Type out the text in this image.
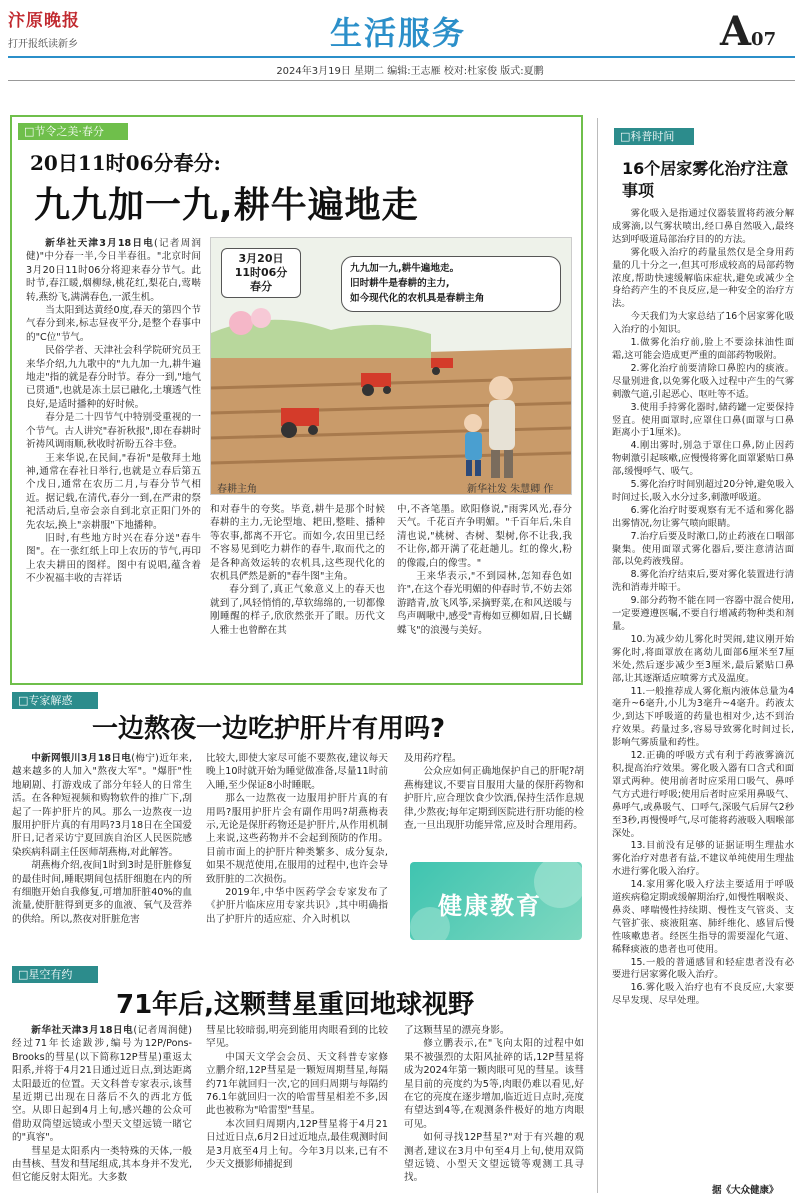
汴原晚报
打开报纸读新乡	生活服务	A07
2024年3月19日 星期二 编辑:王志雁 校对:杜家俊 版式:夏鹏
□节令之美·春分
20日11时06分春分:
九九加一九,耕牛遍地走

新华社天津3月18日电(记者周润健)"中分春一半,今日半春徂。"北京时间3月20日11时06分将迎来春分节气。此时节,春江暖,烟柳绿,桃花红,梨花白,莺啭转,燕纷飞,满满春色,一派生机。

当太阳到达黄经0度,春天的第四个节气春分到来,标志昼夜平分,是整个春事中的"C位"节气。

民俗学者、天津社会科学院研究员王来华介绍,九九歌中的"九九加一九,耕牛遍地走"指的就是春分时节。春分一到,"地气已贯通",也就是冻土层已融化,土壤透气性良好,是适时播种的好时候。

春分是二十四节气中特别受重视的一个节气。古人讲究"春祈秋报",即在春耕时祈祷风调雨顺,秋收时祈盼五谷丰登。

王来华说,在民间,"春祈"是敬拜土地神,通常在春社日举行,也就是立春后第五个戊日,通常在农历二月,与春分节气相近。据记载,在清代,春分一到,在严肃的祭祀活动后,皇帝会亲自到北京正阳门外的先农坛,换上"亲耕服"下地播种。

旧时,有些地方时兴在春分送"春牛图"。在一张红纸上印上农历的节气,再印上农夫耕田的图样。图中有说唱,蕴含着不少祝福丰收的吉祥话

3月20日
11时06分
春分
九九加一九,耕牛遍地走。
旧时耕牛是春耕的主力,
如今现代化的农机具是春耕主角
春耕主角	新华社发 朱慧卿 作

和对春牛的夸奖。毕竟,耕牛是那个时候春耕的主力,无论型地、耙田,整畦、播种等农事,都离不开它。而如今,农田里已经不容易见到吃力耕作的春牛,取而代之的是各种高效运转的农机具,这些现代化的农机具俨然是新的"春牛图"主角。

春分到了,真正气象意义上的春天也就到了,风轻悄悄的,草软绵绵的,一切都像刚睡醒的样子,欣欣然张开了眼。历代文人雅士也曾醉在其

中,不吝笔墨。欧阳修说,"雨霁风光,春分天气。千花百卉争明媚。"千百年后,朱自清也说,"桃树、杏树、梨树,你不让我,我不让你,都开满了花赶趟儿。红的像火,粉的像霞,白的像雪。"

王来华表示,"不到园林,怎知春色如许",在这个春光明媚的仲春时节,不妨去郊游踏青,放飞风筝,采摘野菜,在和风送暖与鸟声啁啾中,感受"青梅如豆柳如眉,日长蝴蝶飞"的浪漫与美好。

□专家解惑
一边熬夜一边吃护肝片有用吗?

中新网银川3月18日电(梅宁)近年来,越来越多的人加入"熬夜大军"。"爆肝"性地刷剧、打游戏成了部分年轻人的日常生活。在各种短视频和购物软件的推广下,刮起了一阵护肝片的风。那么一边熬夜一边服用护肝片真的有用吗?3月18日在全国爱肝日,记者采访宁夏回族自治区人民医院感染疾病科副主任医师胡燕梅,对此解答。

胡燕梅介绍,夜间1时到3时是肝脏修复的最佳时间,睡眠期间包括肝细胞在内的所有细胞开始自我修复,可增加肝脏40%的血流量,使肝脏得到更多的血液、氧气及营养的供给。所以,熬夜对肝脏危害

比较大,即使大家尽可能不要熬夜,建议每天晚上10时就开始为睡觉做准备,尽量11时前入睡,至少保证8小时睡眠。

那么一边熬夜一边服用护肝片真的有用吗?服用护肝片会有副作用吗?胡燕梅表示,无论是保肝药物还是护肝片,从作用机制上来说,这些药物并不会起到预防的作用。目前市面上的护肝片种类繁多、成分复杂,如果不规范使用,在服用的过程中,也许会导致肝脏的二次损伤。

2019年,中华中医药学会专家发布了《护肝片临床应用专家共识》,其中明确指出了护肝片的适应症、介入时机以

及用药疗程。

公众应如何正确地保护自己的肝呢?胡燕梅建议,不要盲目服用大量的保肝药物和护肝片,应合理饮食少饮酒,保持生活作息规律,少熬夜;每年定期到医院进行肝功能的检查,一旦出现肝功能异常,应及时合理用药。

健康教育
□星空有约
71年后,这颗彗星重回地球视野

新华社天津3月18日电(记者周润健)经过71年长途跋涉,编号为12P/Pons-Brooks的彗星(以下简称12P彗星)重返太阳系,并将于4月21日通过近日点,到达距离太阳最近的位置。天文科普专家表示,该彗星近期已出现在日落后不久的西北方低空。从即日起到4月上旬,感兴趣的公众可借助双筒望远镜或小型天文望远镜一睹它的"真容"。

彗星是太阳系内一类特殊的天体,一般由彗核、彗发和彗尾组成,其本身并不发光,但它能反射太阳光。大多数

彗星比较暗弱,明亮到能用肉眼看到的比较罕见。

中国天文学会会员、天文科普专家修立鹏介绍,12P彗星是一颗短周期彗星,每隔约71年就回归一次,它的回归周期与每隔约76.1年就回归一次的哈雷彗星相差不多,因此也被称为"哈雷型"彗星。

本次回归周期内,12P彗星将于4月21日过近日点,6月2日过近地点,最佳观测时间是3月底至4月上旬。今年3月以来,已有不少天文摄影师捕捉到

了这颗彗星的漂亮身影。

修立鹏表示,在"飞向太阳的过程中如果不被强烈的太阳风扯碎的话,12P彗星将成为2024年第一颗肉眼可见的彗星。该彗星目前的亮度约为5等,肉眼仍难以看见,好在它的亮度在逐步增加,临近近日点时,亮度有望达到4等,在观测条件极好的地方肉眼可见。

如何寻找12P彗星?"对于有兴趣的观测者,建议在3月中旬至4月上旬,使用双筒望远镜、小型天文望远镜等观测工具寻找。

□科普时间
16个居家雾化治疗注意事项

雾化吸入是指通过仪器装置将药液分解成雾滴,以气雾状喷出,经口鼻自然吸入,最终达到呼吸道局部治疗目的的方法。

雾化吸入治疗的药量虽然仅是全身用药量的几十分之一,但其可形成较高的局部药物浓度,帮助快速缓解临床症状,避免或减少全身给药产生的不良反应,是一种安全的治疗方法。

今天我们为大家总结了16个居家雾化吸入治疗的小知识。

1.做雾化治疗前,脸上不要涂抹油性面霜,这可能会造成更严重的面部药物吸附。

2.雾化治疗前要清除口鼻腔内的痰液。尽量别进食,以免雾化吸入过程中产生的气雾刺激气道,引起恶心、呕吐等不适。

3.使用手持雾化器时,储药罐一定要保持竖直。使用面罩时,应罩住口鼻(面罩与口鼻距离小于1厘米)。

4.刚出雾时,别急于罩住口鼻,防止因药物刺激引起咳嗽,应慢慢将雾化面罩紧贴口鼻部,缓慢呼气、吸气。

5.雾化治疗时间别超过20分钟,避免吸入时间过长,吸入水分过多,刺激呼吸道。

6.雾化治疗时要观察有无不适和雾化器出雾情况,勿让雾气喷向眼睛。

7.治疗后要及时漱口,防止药液在口咽部聚集。使用面罩式雾化器后,要注意清洁面部,以免药液残留。

8.雾化治疗结束后,要对雾化装置进行清洗和消毒并晾干。

9.部分药物不能在同一容器中混合使用,一定要遵遵医嘱,不要自行增减药物种类和剂量。

10.为减少幼儿雾化时哭闹,建议刚开始雾化时,将面罩放在离幼儿面部6厘米至7厘米处,然后逐步减少至3厘米,最后紧贴口鼻部,让其逐渐适应喷雾方式及温度。

11.一般推荐成人雾化瓶内液体总量为4毫升~6毫升,小儿为3毫升~4毫升。药液太少,到达下呼吸道的药量也相对少,达不到治疗效果。药量过多,容易导致雾化时间过长,影响气雾质量和药性。

12.正确的呼吸方式有利于药液雾滴沉积,提高治疗效果。雾化吸入器有口含式和面罩式两种。使用前者时应采用口吸气、鼻呼气方式进行呼吸;使用后者时应采用鼻吸气、鼻呼气,或鼻吸气、口呼气,深吸气后屏气2秒至3秒,再慢慢呼气,尽可能将药液吸入咽喉部深处。

13.目前没有足够的证据证明生理盐水雾化治疗对患者有益,不建议单纯使用生理盐水进行雾化吸入治疗。

14.家用雾化吸入疗法主要适用于呼吸道疾病稳定期或缓解期治疗,如慢性咽喉炎、鼻炎、哮喘慢性持续期、慢性支气管炎、支气管扩张、痰液阻塞、肺纤维化、感冒后慢性咳嗽患者。经医生指导的需要湿化气道、稀释痰液的患者也可使用。

15.一般的普通感冒和轻症患者没有必要进行居家雾化吸入治疗。

16.雾化吸入治疗也有不良反应,大家要尽早发现、尽早处理。

据《大众健康》
